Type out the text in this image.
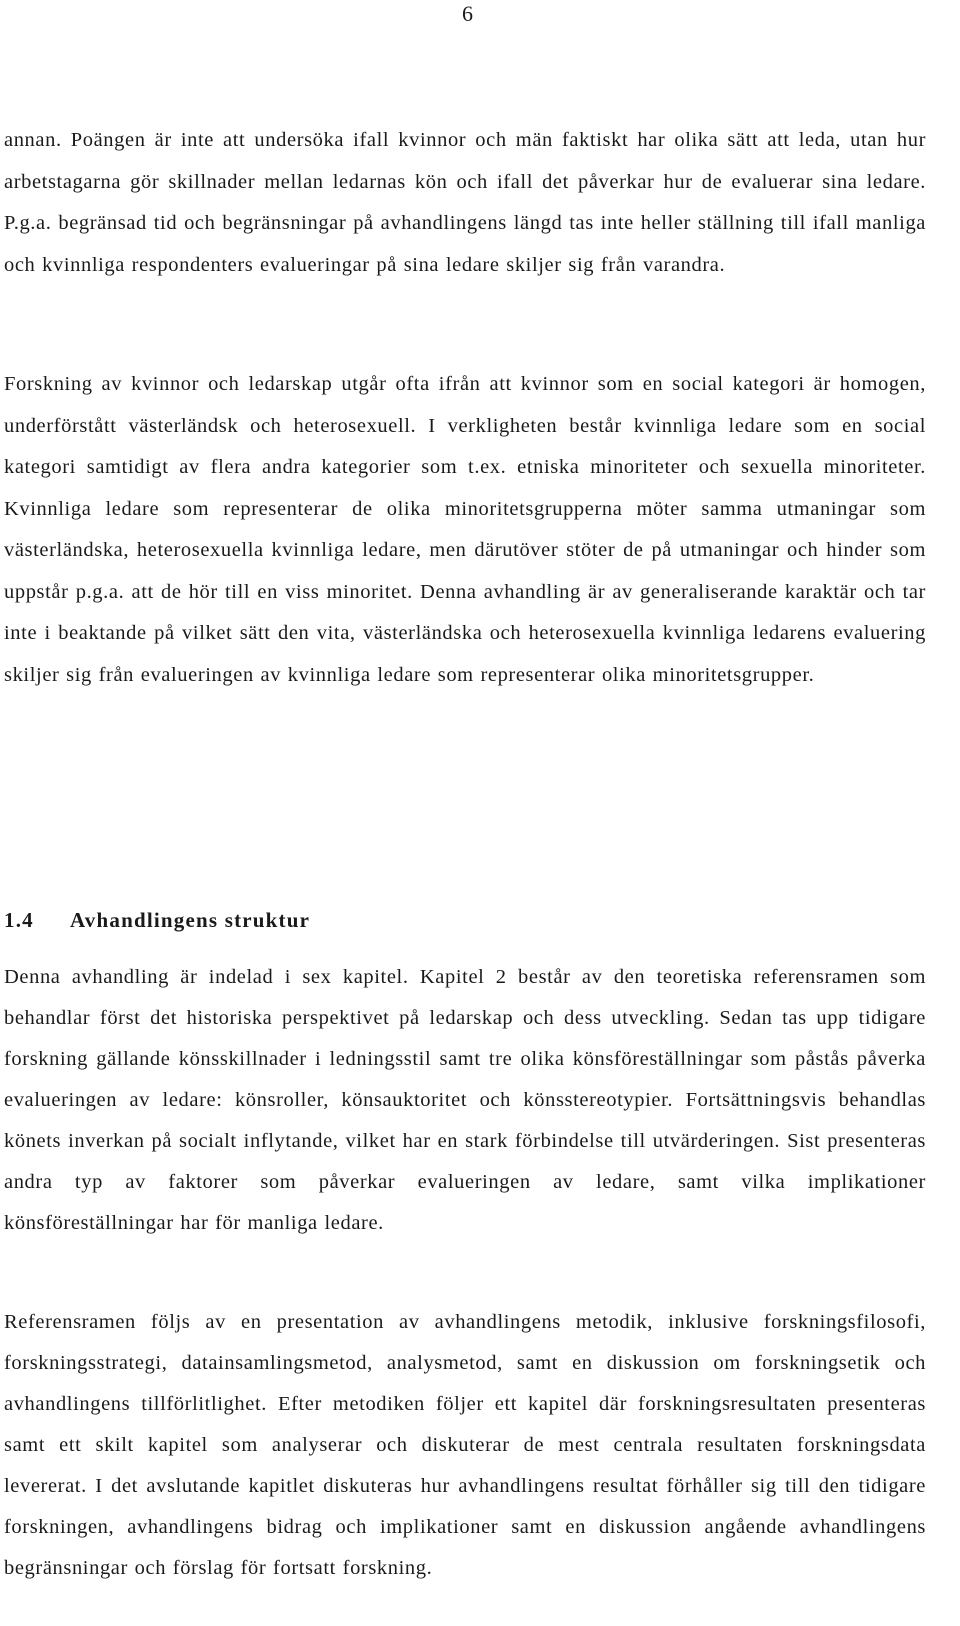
6

annan. Poängen är inte att undersöka ifall kvinnor och män faktiskt har olika sätt att leda, utan hur arbetstagarna gör skillnader mellan ledarnas kön och ifall det påverkar hur de evaluerar sina ledare. P.g.a. begränsad tid och begränsningar på avhandlingens längd tas inte heller ställning till ifall manliga och kvinnliga respondenters evalueringar på sina ledare skiljer sig från varandra.

Forskning av kvinnor och ledarskap utgår ofta ifrån att kvinnor som en social kategori är homogen, underförstått västerländsk och heterosexuell. I verkligheten består kvinnliga ledare som en social kategori samtidigt av flera andra kategorier som t.ex. etniska minoriteter och sexuella minoriteter. Kvinnliga ledare som representerar de olika minoritetsgrupperna möter samma utmaningar som västerländska, heterosexuella kvinnliga ledare, men därutöver stöter de på utmaningar och hinder som uppstår p.g.a. att de hör till en viss minoritet. Denna avhandling är av generaliserande karaktär och tar inte i beaktande på vilket sätt den vita, västerländska och heterosexuella kvinnliga ledarens evaluering skiljer sig från evalueringen av kvinnliga ledare som representerar olika minoritetsgrupper.

1.4 Avhandlingens struktur

Denna avhandling är indelad i sex kapitel. Kapitel 2 består av den teoretiska referensramen som behandlar först det historiska perspektivet på ledarskap och dess utveckling. Sedan tas upp tidigare forskning gällande könsskillnader i ledningsstil samt tre olika könsföreställningar som påstås påverka evalueringen av ledare: könsroller, könsauktoritet och könsstereotypier. Fortsättningsvis behandlas könets inverkan på socialt inflytande, vilket har en stark förbindelse till utvärderingen. Sist presenteras andra typ av faktorer som påverkar evalueringen av ledare, samt vilka implikationer könsföreställningar har för manliga ledare.

Referensramen följs av en presentation av avhandlingens metodik, inklusive forskningsfilosofi, forskningsstrategi, datainsamlingsmetod, analysmetod, samt en diskussion om forskningsetik och avhandlingens tillförlitlighet. Efter metodiken följer ett kapitel där forskningsresultaten presenteras samt ett skilt kapitel som analyserar och diskuterar de mest centrala resultaten forskningsdata levererat. I det avslutande kapitlet diskuteras hur avhandlingens resultat förhåller sig till den tidigare forskningen, avhandlingens bidrag och implikationer samt en diskussion angående avhandlingens begränsningar och förslag för fortsatt forskning.
